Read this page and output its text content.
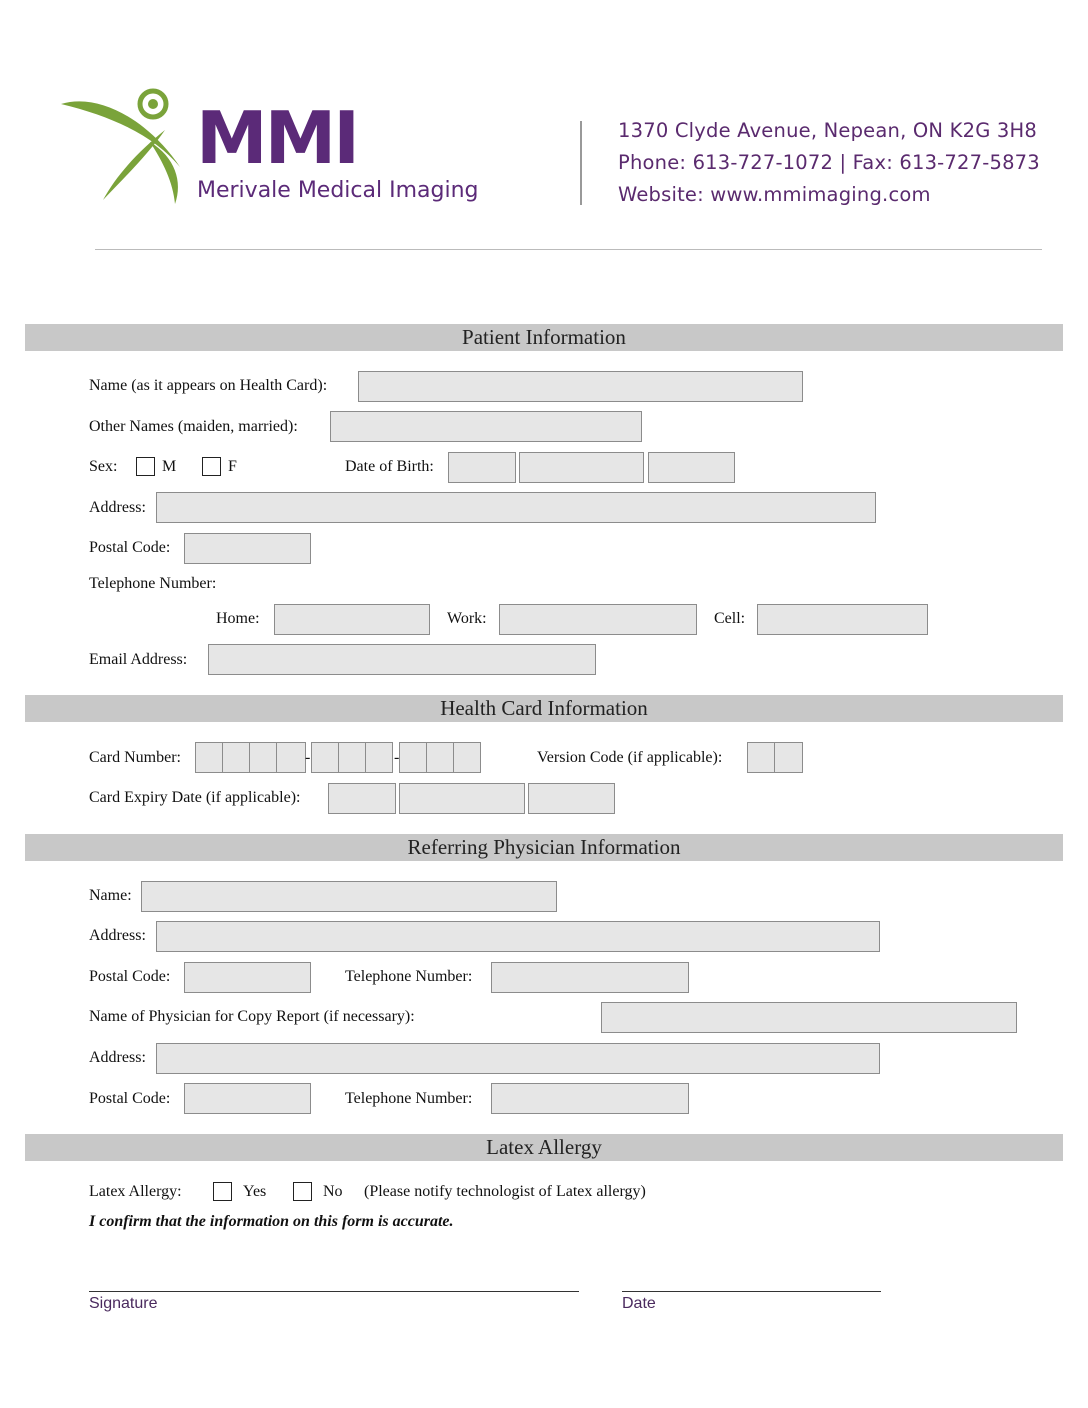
MMI
Merivale Medical Imaging
1370 Clyde Avenue, Nepean, ON K2G 3H8
Phone: 613-727-1072 | Fax: 613-727-5873
Website: www.mmimaging.com
Patient Information
Name (as it appears on Health Card):
Other Names (maiden, married):
Sex:	M	F	Date of Birth:
Address:
Postal Code:
Telephone Number:
Home:	Work:	Cell:
Email Address:
Health Card Information
Card Number:	-	-	Version Code (if applicable):
Card Expiry Date (if applicable):
Referring Physician Information
Name:
Address:
Postal Code:	Telephone Number:
Name of Physician for Copy Report (if necessary):
Address:
Postal Code:	Telephone Number:
Latex Allergy
Latex Allergy:	Yes	No (Please notify technologist of Latex allergy)
I confirm that the information on this form is accurate.
Signature	Date
